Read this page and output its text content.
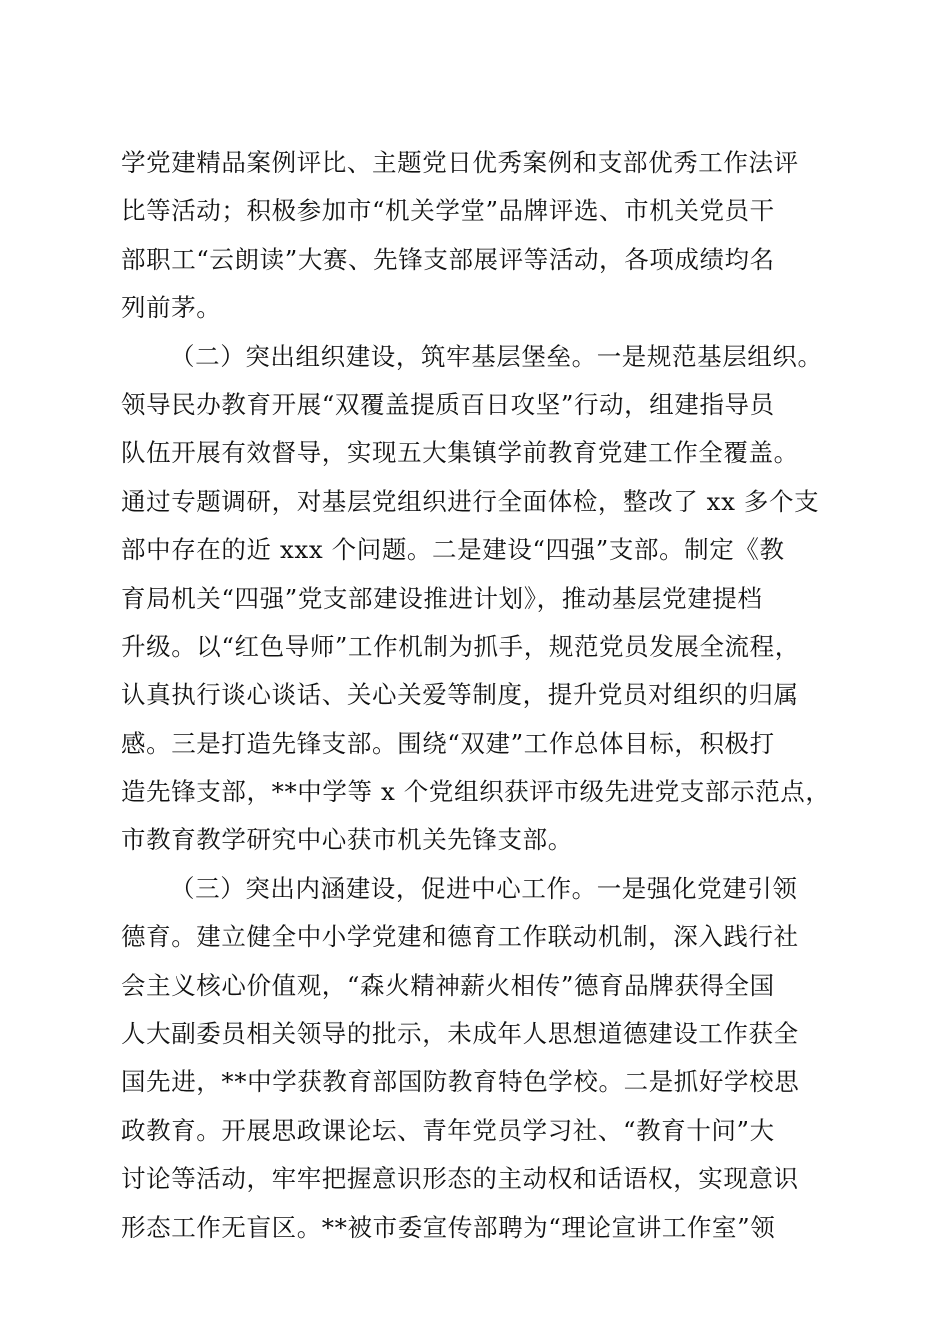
学党建精品案例评比、主题党日优秀案例和支部优秀工作法评
比等活动；积极参加市“机关学堂”品牌评选、市机关党员干
部职工“云朗读”大赛、先锋支部展评等活动，各项成绩均名
列前茅。
（二）突出组织建设，筑牢基层堡垒。一是规范基层组织。
领导民办教育开展“双覆盖提质百日攻坚”行动，组建指导员
队伍开展有效督导，实现五大集镇学前教育党建工作全覆盖。
通过专题调研，对基层党组织进行全面体检，整改了 xx 多个支
部中存在的近 xxx 个问题。二是建设“四强”支部。制定《教
育局机关“四强”党支部建设推进计划》，推动基层党建提档
升级。以“红色导师”工作机制为抓手，规范党员发展全流程，
认真执行谈心谈话、关心关爱等制度，提升党员对组织的归属
感。三是打造先锋支部。围绕“双建”工作总体目标，积极打
造先锋支部，**中学等 x 个党组织获评市级先进党支部示范点，
市教育教学研究中心获市机关先锋支部。
（三）突出内涵建设，促进中心工作。一是强化党建引领
德育。建立健全中小学党建和德育工作联动机制，深入践行社
会主义核心价值观，“森火精神薪火相传”德育品牌获得全国
人大副委员相关领导的批示，未成年人思想道德建设工作获全
国先进，**中学获教育部国防教育特色学校。二是抓好学校思
政教育。开展思政课论坛、青年党员学习社、“教育十问”大
讨论等活动，牢牢把握意识形态的主动权和话语权，实现意识
形态工作无盲区。**被市委宣传部聘为“理论宣讲工作室”领
